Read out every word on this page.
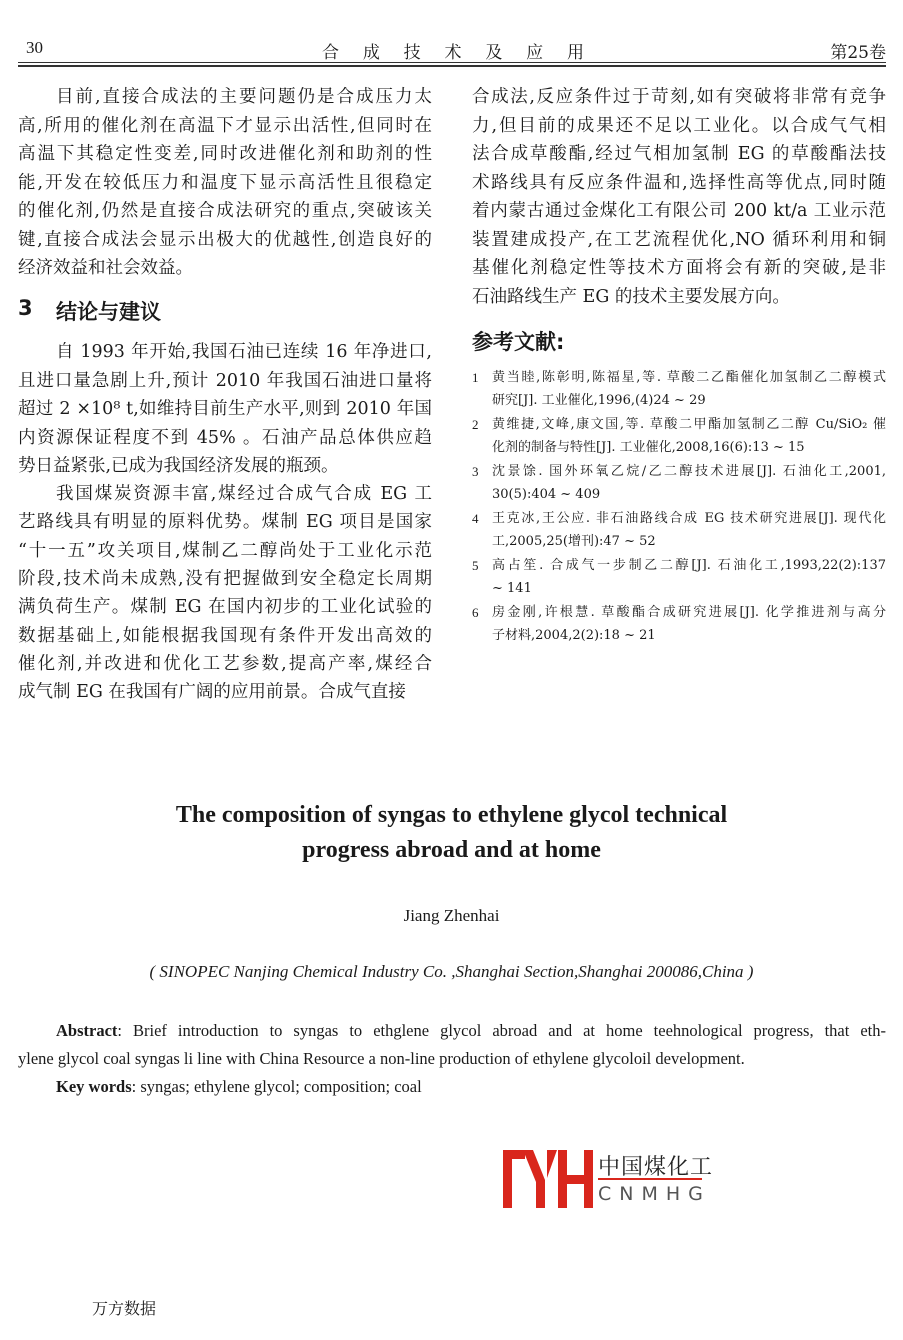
30	合 成 技 术 及 应 用	第25卷
目前,直接合成法的主要问题仍是合成压力太
高,所用的催化剂在高温下才显示出活性,但同时在
高温下其稳定性变差,同时改进催化剂和助剂的性
能,开发在较低压力和温度下显示高活性且很稳定
的催化剂,仍然是直接合成法研究的重点,突破该关
键,直接合成法会显示出极大的优越性,创造良好的
经济效益和社会效益。
自 1993 年开始,我国石油已连续 16 年净进口,
且进口量急剧上升,预计 2010 年我国石油进口量将
超过 2 ×10⁸ t,如维持目前生产水平,则到 2010 年国
内资源保证程度不到 45% 。石油产品总体供应趋
势日益紧张,已成为我国经济发展的瓶颈。
我国煤炭资源丰富,煤经过合成气合成 EG 工
艺路线具有明显的原料优势。煤制 EG 项目是国家
“十一五”攻关项目,煤制乙二醇尚处于工业化示范
阶段,技术尚未成熟,没有把握做到安全稳定长周期
满负荷生产。煤制 EG 在国内初步的工业化试验的
数据基础上,如能根据我国现有条件开发出高效的
催化剂,并改进和优化工艺参数,提高产率,煤经合
成气制 EG 在我国有广阔的应用前景。合成气直接
3 结论与建议
合成法,反应条件过于苛刻,如有突破将非常有竞争
力,但目前的成果还不足以工业化。以合成气气相
法合成草酸酯,经过气相加氢制 EG 的草酸酯法技
术路线具有反应条件温和,选择性高等优点,同时随
着内蒙古通过金煤化工有限公司 200 kt/a 工业示范
装置建成投产,在工艺流程优化,NO 循环利用和铜
基催化剂稳定性等技术方面将会有新的突破,是非
石油路线生产 EG 的技术主要发展方向。
参考文献:
1 黄当睦,陈彰明,陈福星,等. 草酸二乙酯催化加氢制乙二醇模式
研究[J]. 工业催化,1996,(4)24 ~ 29
2 黄维捷,文峰,康文国,等. 草酸二甲酯加氢制乙二醇 Cu/SiO₂ 催
化剂的制备与特性[J]. 工业催化,2008,16(6):13 ~ 15
3 沈景馀. 国外环氧乙烷/乙二醇技术进展[J]. 石油化工,2001,
30(5):404 ~ 409
4 王克冰,王公应. 非石油路线合成 EG 技术研究进展[J]. 现代化
工,2005,25(增刊):47 ~ 52
5 高占笙. 合成气一步制乙二醇[J]. 石油化工,1993,22(2):137
~ 141
6 房金刚,许根慧. 草酸酯合成研究进展[J]. 化学推进剂与高分
子材料,2004,2(2):18 ~ 21
The composition of syngas to ethylene glycol technical
progress abroad and at home
Jiang Zhenhai
( SINOPEC Nanjing Chemical Industry Co. ,Shanghai Section,Shanghai 200086,China )
Abstract: Brief introduction to syngas to ethglene glycol abroad and at home teehnological progress, that eth-
ylene glycol coal syngas li line with China Resource a non-line production of ethylene glycoloil development.
Key words: syngas; ethylene glycol; composition; coal
中国煤化工
CNMHG
万方数据
